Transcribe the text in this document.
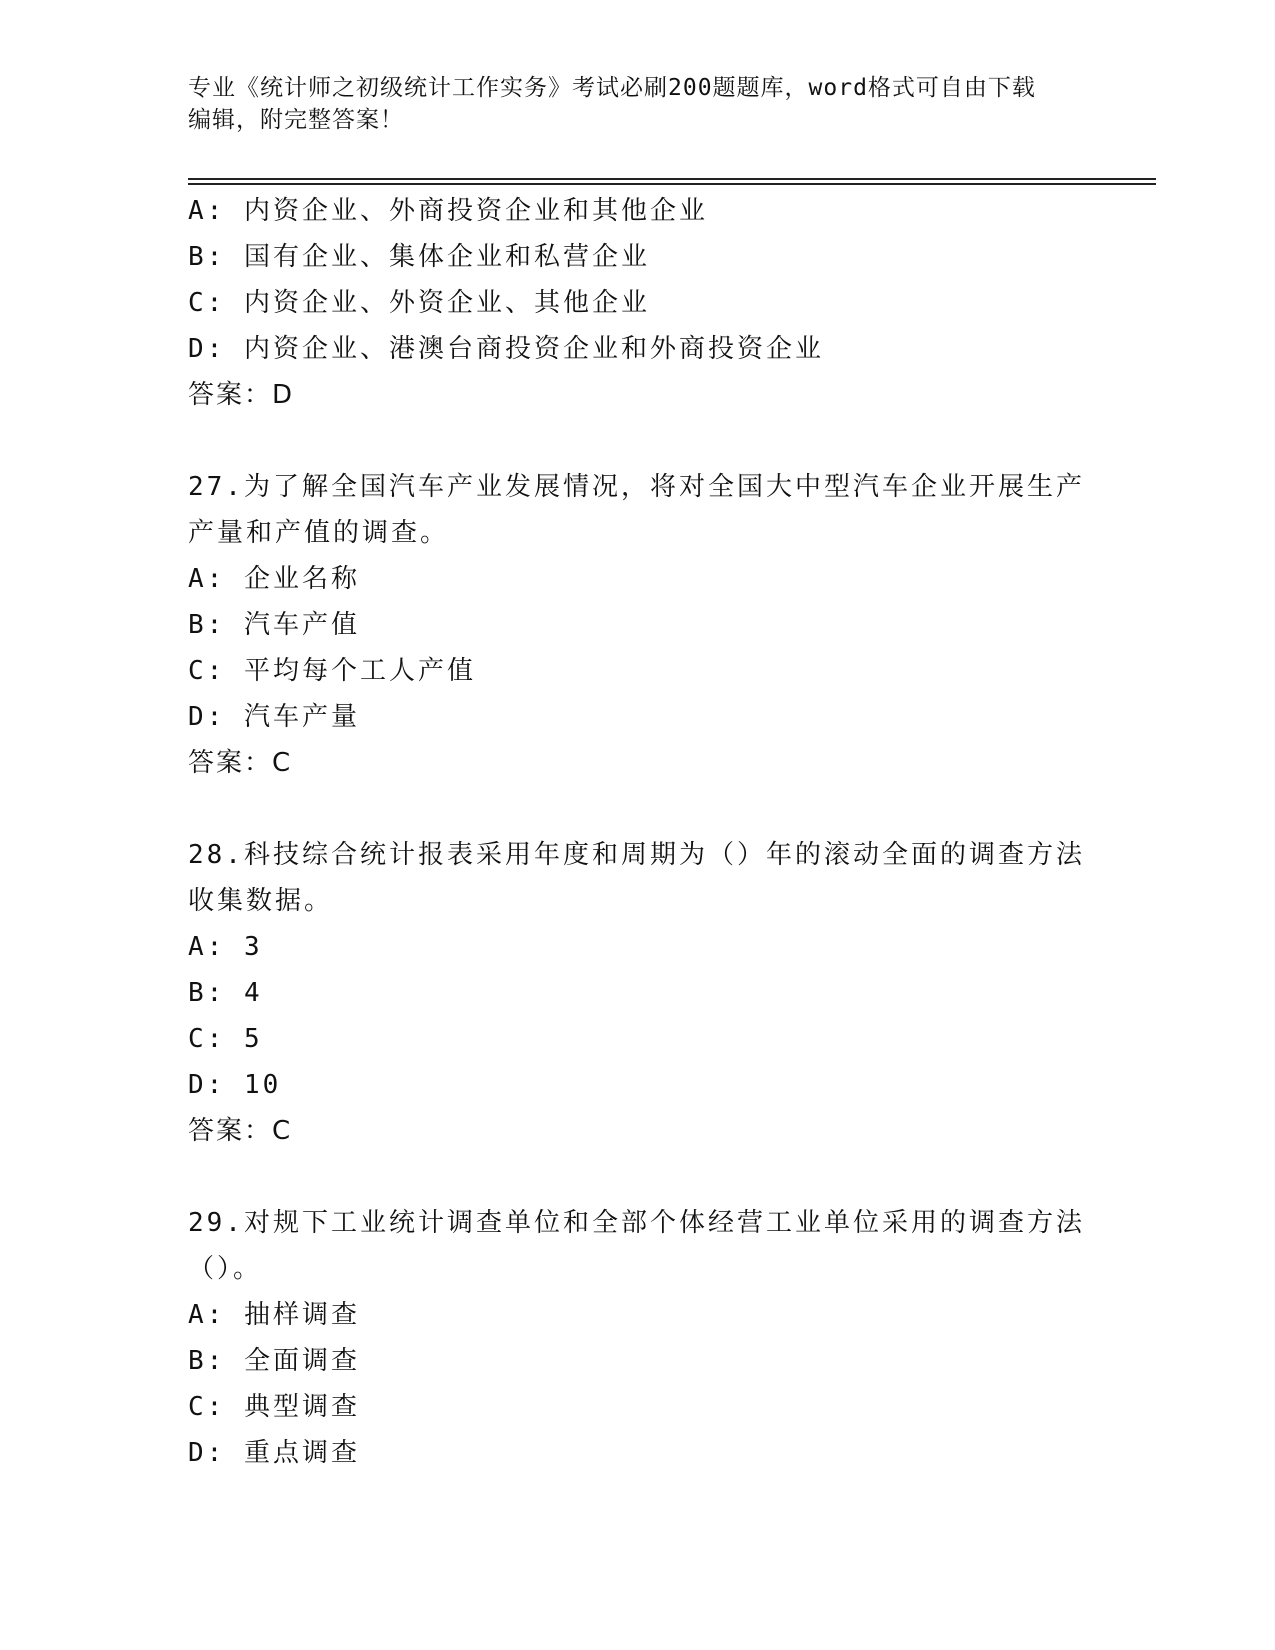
专业《统计师之初级统计工作实务》考试必刷200题题库，word格式可自由下载
编辑，附完整答案！

A: 内资企业、外商投资企业和其他企业

B: 国有企业、集体企业和私营企业

C: 内资企业、外资企业、其他企业

D: 内资企业、港澳台商投资企业和外商投资企业

答案：D

27.为了解全国汽车产业发展情况，将对全国大中型汽车企业开展生产
产量和产值的调查。

A: 企业名称

B: 汽车产值

C: 平均每个工人产值

D: 汽车产量

答案：C

28.科技综合统计报表采用年度和周期为（）年的滚动全面的调查方法
收集数据。

A: 3

B: 4

C: 5

D: 10

答案：C

29.对规下工业统计调查单位和全部个体经营工业单位采用的调查方法
（）。

A: 抽样调查

B: 全面调查

C: 典型调查

D: 重点调查
